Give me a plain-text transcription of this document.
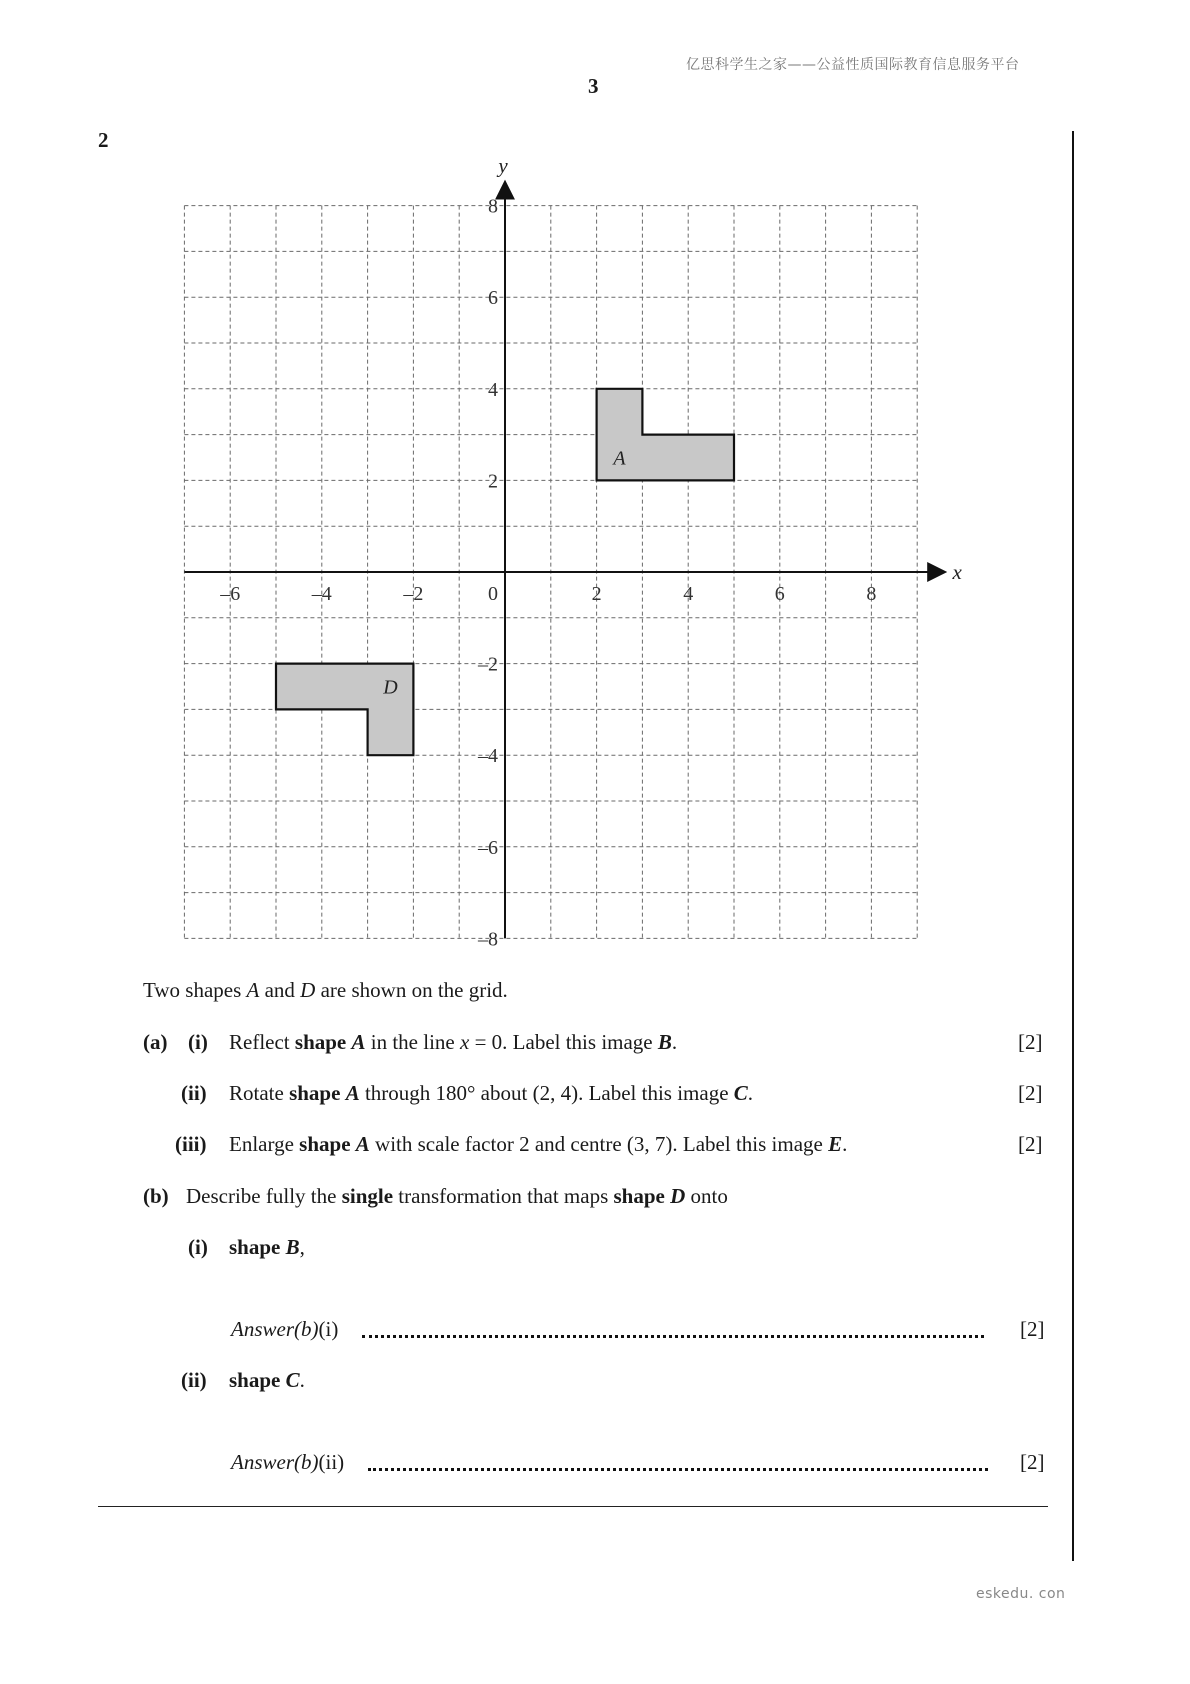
亿思科学生之家——公益性质国际教育信息服务平台
3
2
A
D
x
y
–6	–4	–2	0	2	4	6	8
8
6
4
2
–2
–4
–6
–8
Two shapes A and D are shown on the grid.
(a) (i) Reflect shape A in the line x = 0. Label this image B.	[2]
(ii) Rotate shape A through 180° about (2, 4). Label this image C.	[2]
(iii) Enlarge shape A with scale factor 2 and centre (3, 7). Label this image E.	[2]
(b) Describe fully the single transformation that maps shape D onto
(i) shape B,
Answer(b)(i)	[2]
(ii) shape C.
Answer(b)(ii)	[2]
eskedu. con
